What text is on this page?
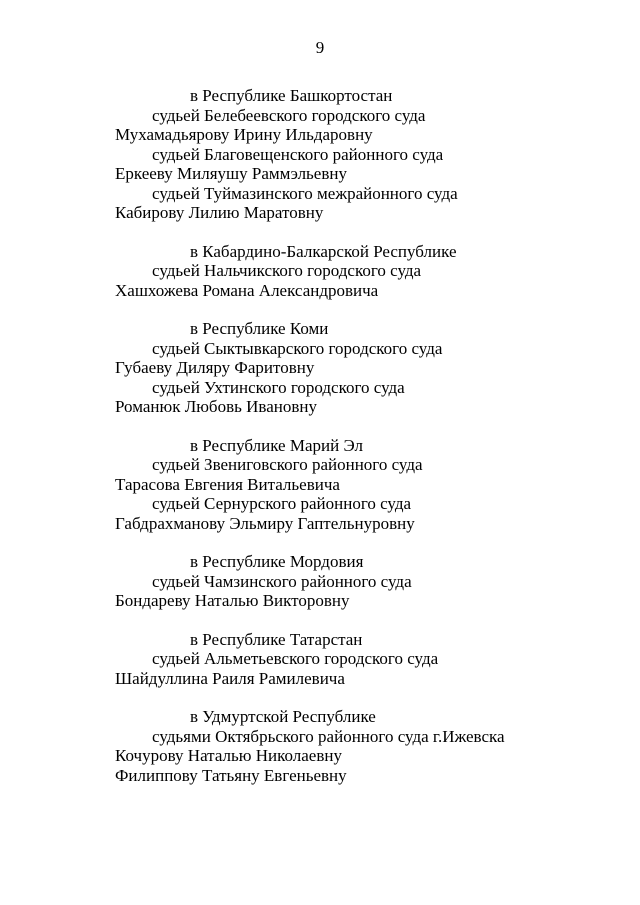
9
в Республике Башкортостан
судьей Белебеевского городского суда
Мухамадьярову Ирину Ильдаровну
судьей Благовещенского районного суда
Еркееву Миляушу Раммэльевну
судьей Туймазинского межрайонного суда
Кабирову Лилию Маратовну
в Кабардино-Балкарской Республике
судьей Нальчикского городского суда
Хашхожева Романа Александровича
в Республике Коми
судьей Сыктывкарского городского суда
Губаеву Диляру Фаритовну
судьей Ухтинского городского суда
Романюк Любовь Ивановну
в Республике Марий Эл
судьей Звениговского районного суда
Тарасова Евгения Витальевича
судьей Сернурского районного суда
Габдрахманову Эльмиру Гаптельнуровну
в Республике Мордовия
судьей Чамзинского районного суда
Бондареву Наталью Викторовну
в Республике Татарстан
судьей Альметьевского городского суда
Шайдуллина Раиля Рамилевича
в Удмуртской Республике
судьями Октябрьского районного суда г.Ижевска
Кочурову Наталью Николаевну
Филиппову Татьяну Евгеньевну
